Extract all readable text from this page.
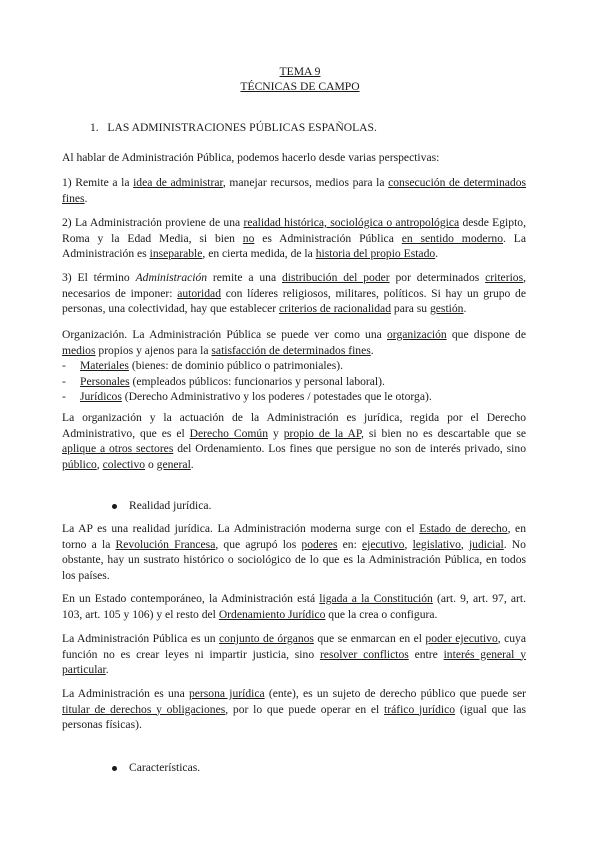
TEMA 9
TÉCNICAS DE CAMPO
1. LAS ADMINISTRACIONES PÚBLICAS ESPAÑOLAS.

Al hablar de Administración Pública, podemos hacerlo desde varias perspectivas:

1) Remite a la idea de administrar, manejar recursos, medios para la consecución de determinados fines.

2) La Administración proviene de una realidad histórica, sociológica o antropológica desde Egipto, Roma y la Edad Media, si bien no es Administración Pública en sentido moderno. La Administración es inseparable, en cierta medida, de la historia del propio Estado.

3) El término Administración remite a una distribución del poder por determinados criterios, necesarios de imponer: autoridad con líderes religiosos, militares, políticos. Si hay un grupo de personas, una colectividad, hay que establecer criterios de racionalidad para su gestión.

Organización. La Administración Pública se puede ver como una organización que dispone de medios propios y ajenos para la satisfacción de determinados fines.
- Materiales (bienes: de dominio público o patrimoniales).
- Personales (empleados públicos: funcionarios y personal laboral).
- Jurídicos (Derecho Administrativo y los poderes / potestades que le otorga).

La organización y la actuación de la Administración es jurídica, regida por el Derecho Administrativo, que es el Derecho Común y propio de la AP, si bien no es descartable que se aplique a otros sectores del Ordenamiento. Los fines que persigue no son de interés privado, sino público, colectivo o general.

Realidad jurídica.

La AP es una realidad jurídica. La Administración moderna surge con el Estado de derecho, en torno a la Revolución Francesa, que agrupó los poderes en: ejecutivo, legislativo, judicial. No obstante, hay un sustrato histórico o sociológico de lo que es la Administración Pública, en todos los países.

En un Estado contemporáneo, la Administración está ligada a la Constitución (art. 9, art. 97, art. 103, art. 105 y 106) y el resto del Ordenamiento Jurídico que la crea o configura.

La Administración Pública es un conjunto de órganos que se enmarcan en el poder ejecutivo, cuya función no es crear leyes ni impartir justicia, sino resolver conflictos entre interés general y particular.

La Administración es una persona jurídica (ente), es un sujeto de derecho público que puede ser titular de derechos y obligaciones, por lo que puede operar en el tráfico jurídico (igual que las personas físicas).

Características.
